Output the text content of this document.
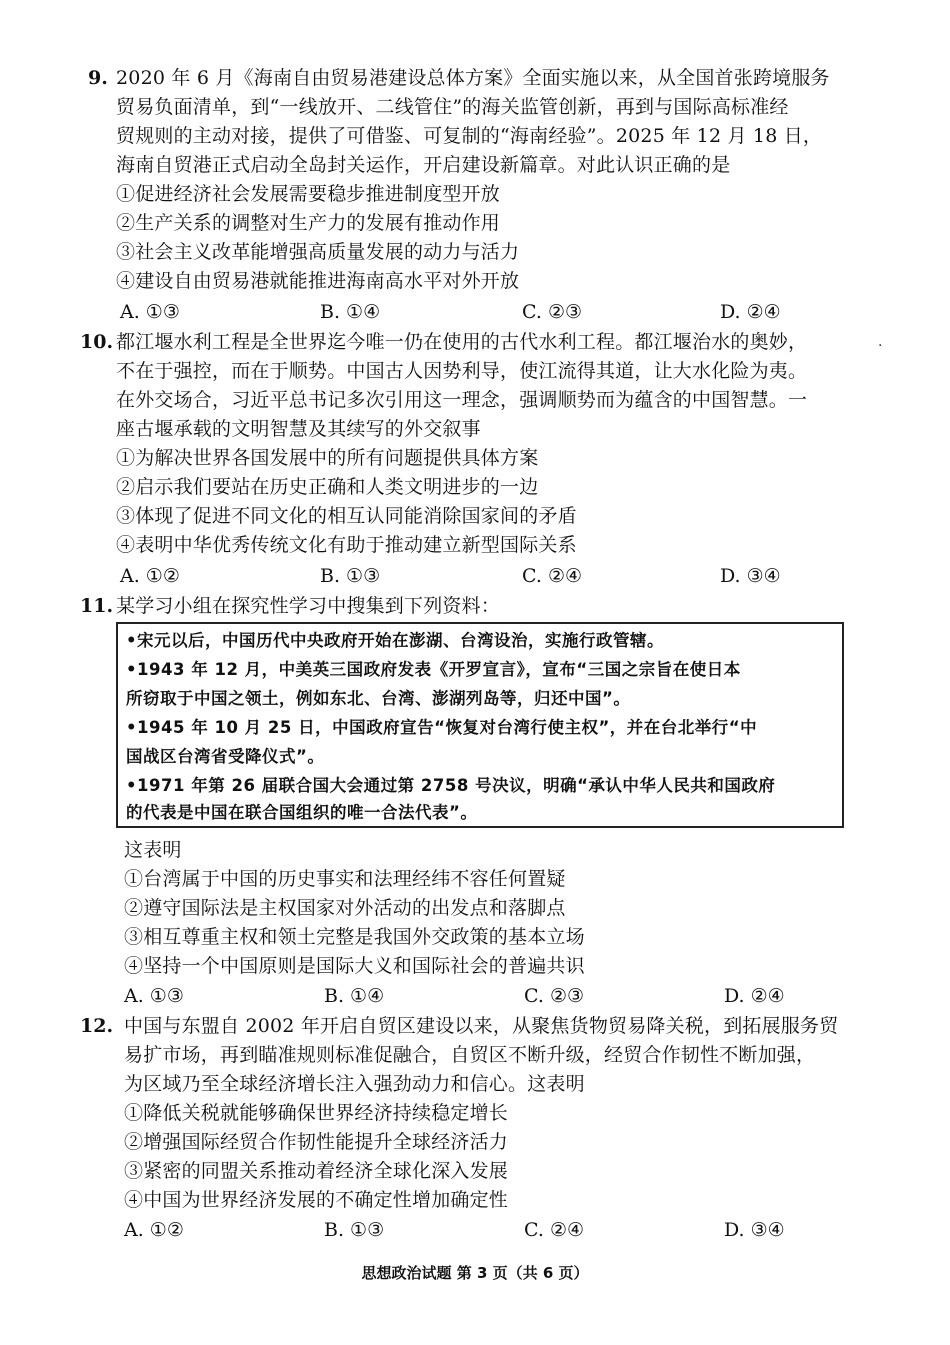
9. 2020 年 6 月《海南自由贸易港建设总体方案》全面实施以来，从全国首张跨境服务
贸易负面清单，到“一线放开、二线管住”的海关监管创新，再到与国际高标准经
贸规则的主动对接，提供了可借鉴、可复制的“海南经验”。2025 年 12 月 18 日，
海南自贸港正式启动全岛封关运作，开启建设新篇章。对此认识正确的是
①促进经济社会发展需要稳步推进制度型开放
②生产关系的调整对生产力的发展有推动作用
③社会主义改革能增强高质量发展的动力与活力
④建设自由贸易港就能推进海南高水平对外开放
A. ①③	B. ①④	C. ②③	D. ②④
10. 都江堰水利工程是全世界迄今唯一仍在使用的古代水利工程。都江堰治水的奥妙，
不在于强控，而在于顺势。中国古人因势利导，使江流得其道，让大水化险为夷。
在外交场合，习近平总书记多次引用这一理念，强调顺势而为蕴含的中国智慧。一
座古堰承载的文明智慧及其续写的外交叙事
①为解决世界各国发展中的所有问题提供具体方案
②启示我们要站在历史正确和人类文明进步的一边
③体现了促进不同文化的相互认同能消除国家间的矛盾
④表明中华优秀传统文化有助于推动建立新型国际关系
A. ①②	B. ①③	C. ②④	D. ③④
.
11. 某学习小组在探究性学习中搜集到下列资料：
•宋元以后，中国历代中央政府开始在澎湖、台湾设治，实施行政管辖。
•1943 年 12 月，中美英三国政府发表《开罗宣言》，宣布“三国之宗旨在使日本
所窃取于中国之领土，例如东北、台湾、澎湖列岛等，归还中国”。
•1945 年 10 月 25 日，中国政府宣告“恢复对台湾行使主权”，并在台北举行“中
国战区台湾省受降仪式”。
•1971 年第 26 届联合国大会通过第 2758 号决议，明确“承认中华人民共和国政府
的代表是中国在联合国组织的唯一合法代表”。
这表明
①台湾属于中国的历史事实和法理经纬不容任何置疑
②遵守国际法是主权国家对外活动的出发点和落脚点
③相互尊重主权和领土完整是我国外交政策的基本立场
④坚持一个中国原则是国际大义和国际社会的普遍共识
A. ①③	B. ①④	C. ②③	D. ②④
12. 中国与东盟自 2002 年开启自贸区建设以来，从聚焦货物贸易降关税，到拓展服务贸
易扩市场，再到瞄准规则标准促融合，自贸区不断升级，经贸合作韧性不断加强，
为区域乃至全球经济增长注入强劲动力和信心。这表明
①降低关税就能够确保世界经济持续稳定增长
②增强国际经贸合作韧性能提升全球经济活力
③紧密的同盟关系推动着经济全球化深入发展
④中国为世界经济发展的不确定性增加确定性
A. ①②	B. ①③	C. ②④	D. ③④
思想政治试题 第 3 页（共 6 页）
